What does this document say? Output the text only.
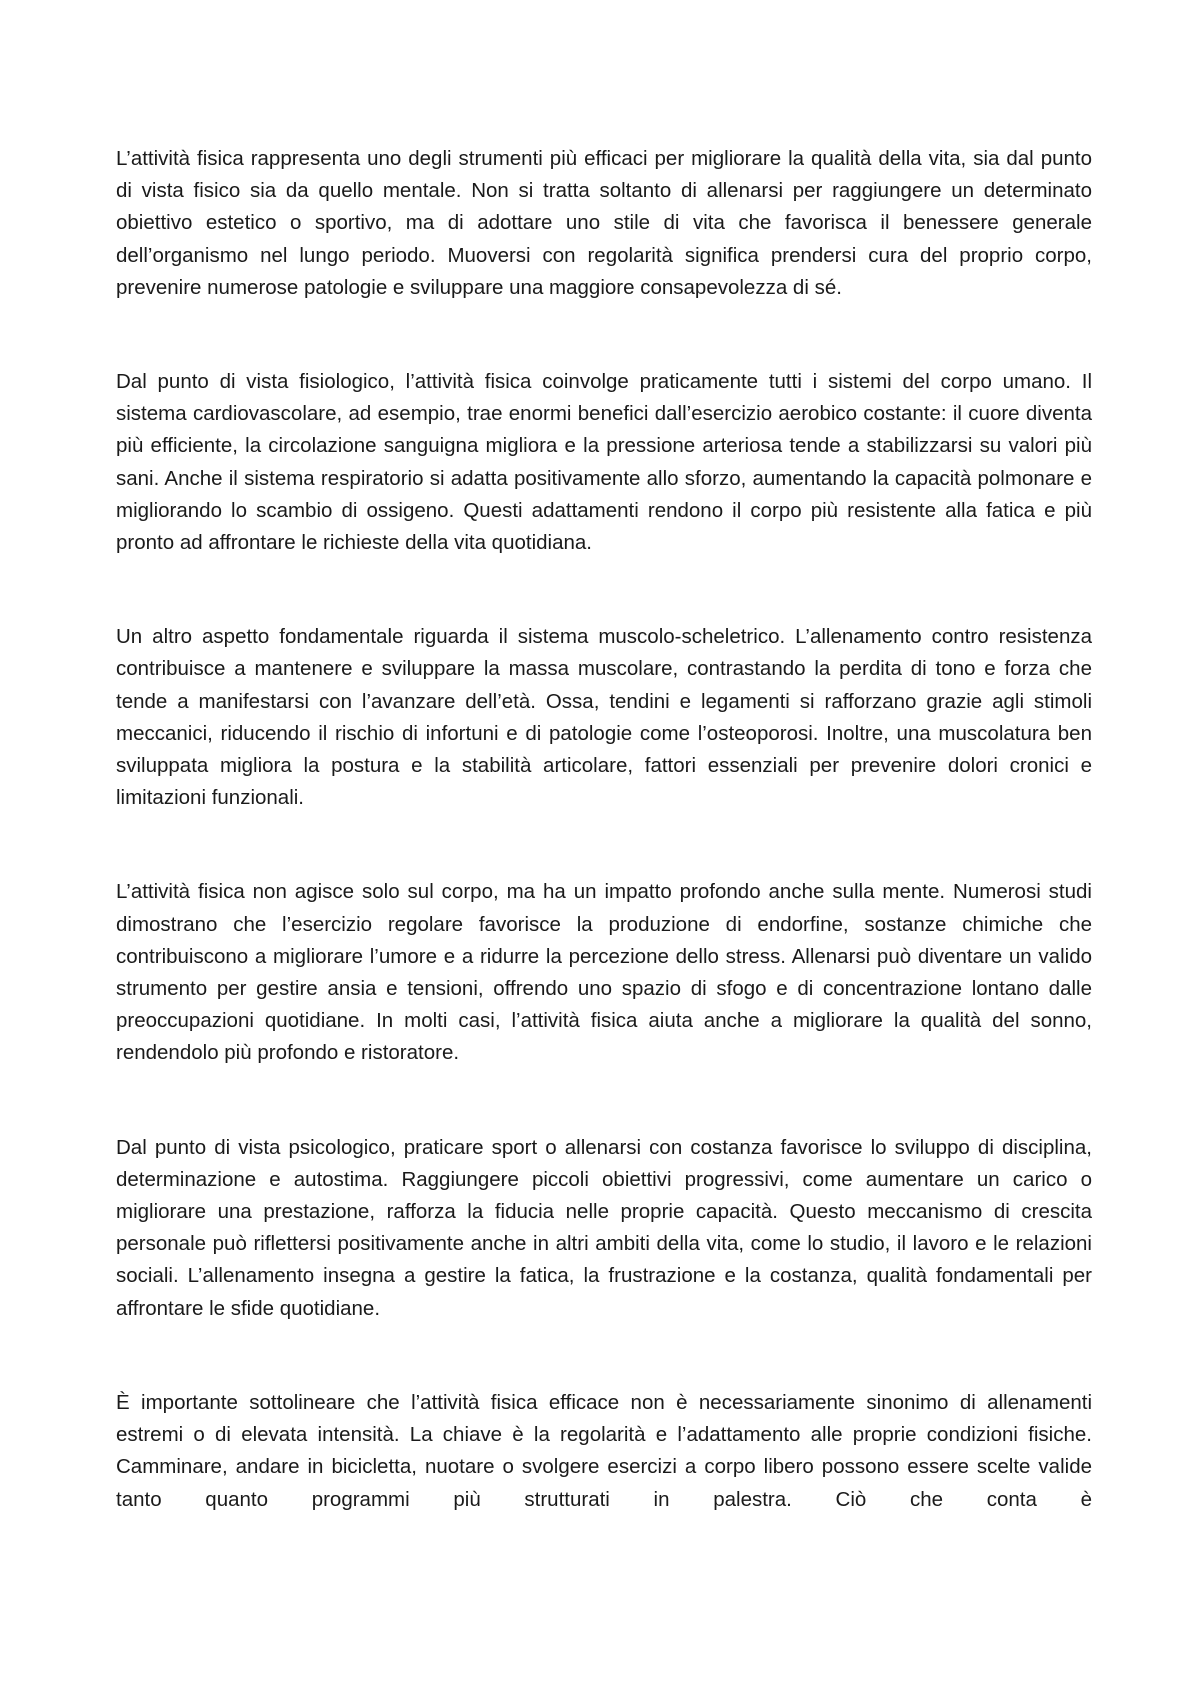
L’attività fisica rappresenta uno degli strumenti più efficaci per migliorare la qualità della vita, sia dal punto di vista fisico sia da quello mentale. Non si tratta soltanto di allenarsi per raggiungere un determinato obiettivo estetico o sportivo, ma di adottare uno stile di vita che favorisca il benessere generale dell’organismo nel lungo periodo. Muoversi con regolarità significa prendersi cura del proprio corpo, prevenire numerose patologie e sviluppare una maggiore consapevolezza di sé.

Dal punto di vista fisiologico, l’attività fisica coinvolge praticamente tutti i sistemi del corpo umano. Il sistema cardiovascolare, ad esempio, trae enormi benefici dall’esercizio aerobico costante: il cuore diventa più efficiente, la circolazione sanguigna migliora e la pressione arteriosa tende a stabilizzarsi su valori più sani. Anche il sistema respiratorio si adatta positivamente allo sforzo, aumentando la capacità polmonare e migliorando lo scambio di ossigeno. Questi adattamenti rendono il corpo più resistente alla fatica e più pronto ad affrontare le richieste della vita quotidiana.

Un altro aspetto fondamentale riguarda il sistema muscolo-scheletrico. L’allenamento contro resistenza contribuisce a mantenere e sviluppare la massa muscolare, contrastando la perdita di tono e forza che tende a manifestarsi con l’avanzare dell’età. Ossa, tendini e legamenti si rafforzano grazie agli stimoli meccanici, riducendo il rischio di infortuni e di patologie come l’osteoporosi. Inoltre, una muscolatura ben sviluppata migliora la postura e la stabilità articolare, fattori essenziali per prevenire dolori cronici e limitazioni funzionali.

L’attività fisica non agisce solo sul corpo, ma ha un impatto profondo anche sulla mente. Numerosi studi dimostrano che l’esercizio regolare favorisce la produzione di endorfine, sostanze chimiche che contribuiscono a migliorare l’umore e a ridurre la percezione dello stress. Allenarsi può diventare un valido strumento per gestire ansia e tensioni, offrendo uno spazio di sfogo e di concentrazione lontano dalle preoccupazioni quotidiane. In molti casi, l’attività fisica aiuta anche a migliorare la qualità del sonno, rendendolo più profondo e ristoratore.

Dal punto di vista psicologico, praticare sport o allenarsi con costanza favorisce lo sviluppo di disciplina, determinazione e autostima. Raggiungere piccoli obiettivi progressivi, come aumentare un carico o migliorare una prestazione, rafforza la fiducia nelle proprie capacità. Questo meccanismo di crescita personale può riflettersi positivamente anche in altri ambiti della vita, come lo studio, il lavoro e le relazioni sociali. L’allenamento insegna a gestire la fatica, la frustrazione e la costanza, qualità fondamentali per affrontare le sfide quotidiane.

È importante sottolineare che l’attività fisica efficace non è necessariamente sinonimo di allenamenti estremi o di elevata intensità. La chiave è la regolarità e l’adattamento alle proprie condizioni fisiche. Camminare, andare in bicicletta, nuotare o svolgere esercizi a corpo libero possono essere scelte valide tanto quanto programmi più strutturati in palestra. Ciò che conta è
